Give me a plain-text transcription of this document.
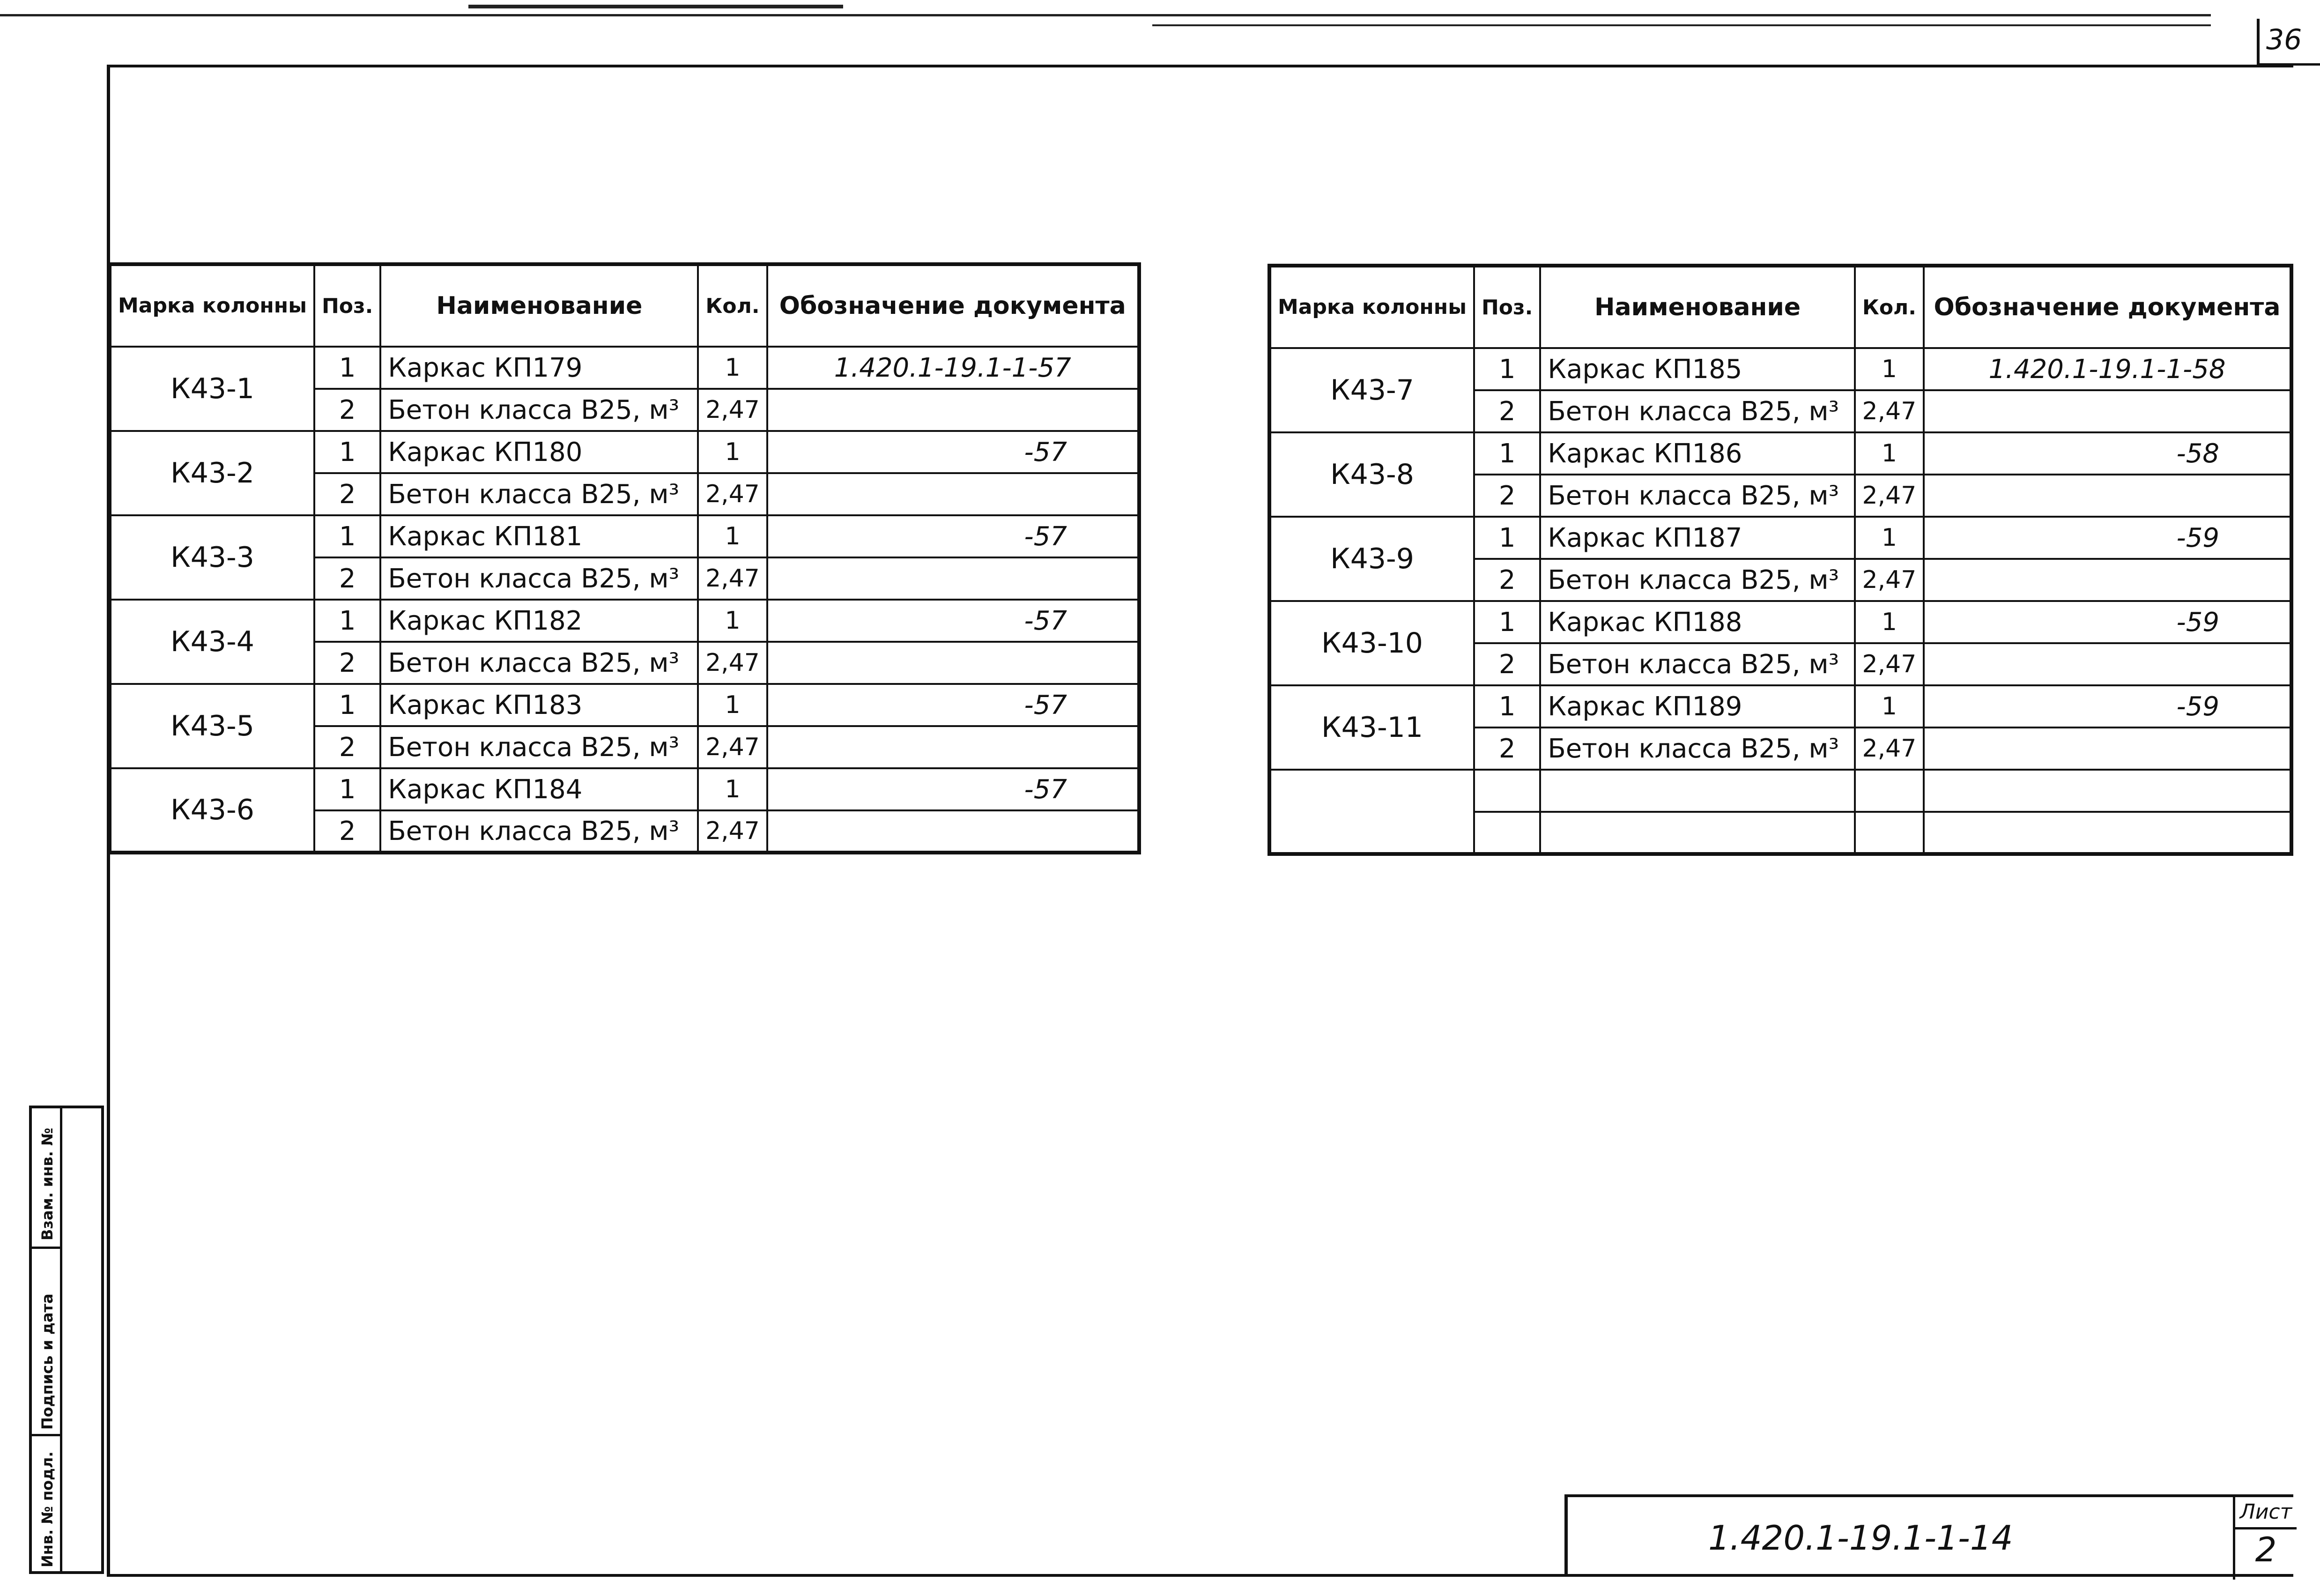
36
Марка колонны	Поз.	Наименование	Кол.	Обозначение документа
К43-1	1	Каркас КП179	1	1.420.1-19.1-1-57
	2	Бетон класса В25, м³	2,47	
К43-2	1	Каркас КП180	1	-57
	2	Бетон класса В25, м³	2,47	
К43-3	1	Каркас КП181	1	-57
	2	Бетон класса В25, м³	2,47	
К43-4	1	Каркас КП182	1	-57
	2	Бетон класса В25, м³	2,47	
К43-5	1	Каркас КП183	1	-57
	2	Бетон класса В25, м³	2,47	
К43-6	1	Каркас КП184	1	-57
	2	Бетон класса В25, м³	2,47	
Марка колонны	Поз.	Наименование	Кол.	Обозначение документа
К43-7	1	Каркас КП185	1	1.420.1-19.1-1-58
	2	Бетон класса В25, м³	2,47	
К43-8	1	Каркас КП186	1	-58
	2	Бетон класса В25, м³	2,47	
К43-9	1	Каркас КП187	1	-59
	2	Бетон класса В25, м³	2,47	
К43-10	1	Каркас КП188	1	-59
	2	Бетон класса В25, м³	2,47	
К43-11	1	Каркас КП189	1	-59
	2	Бетон класса В25, м³	2,47	

1.420.1-19.1-1-14
Лист
2
Взам. инв. №
Подпись и дата
Инв. № подл.
